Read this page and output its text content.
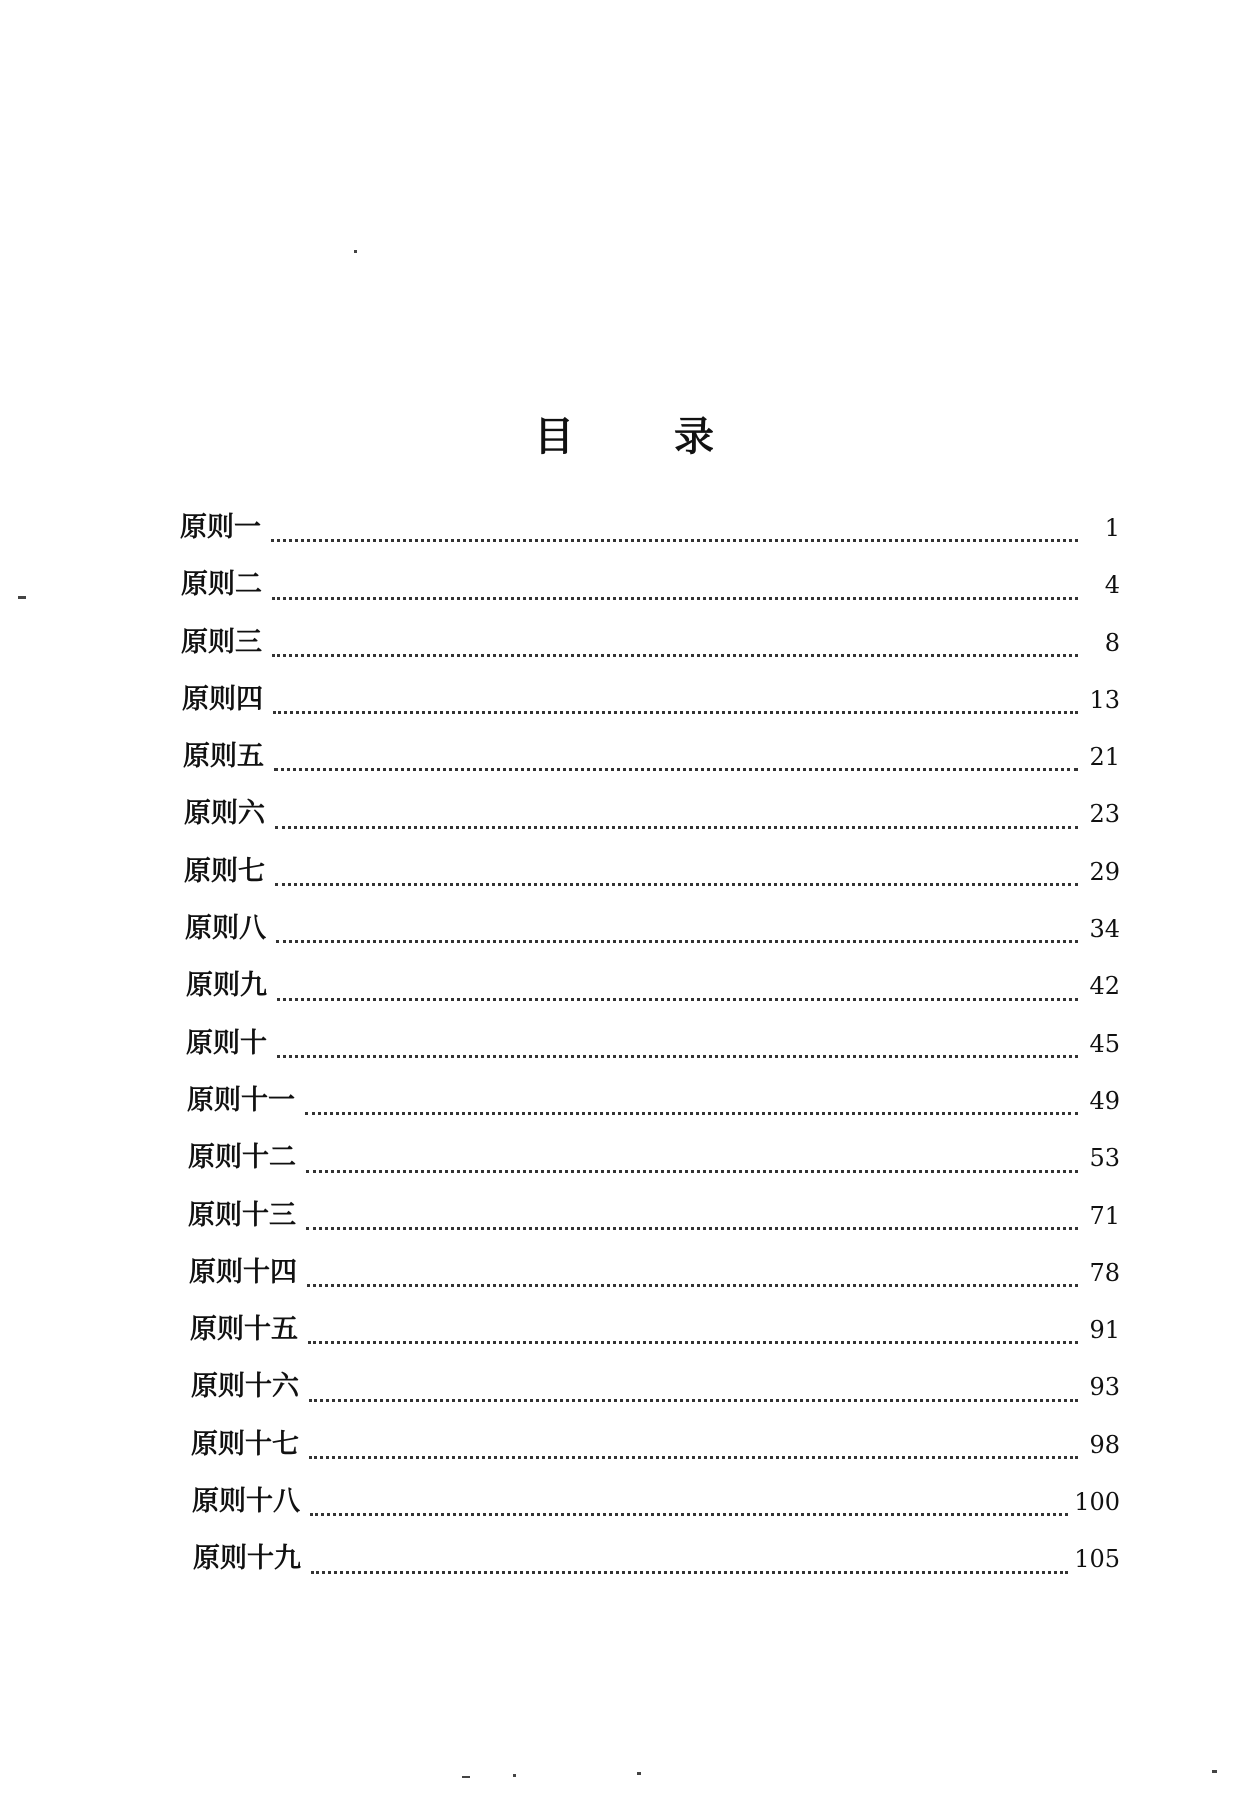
目	录
原则一	1
原则二	4
原则三	8
原则四	13
原则五	21
原则六	23
原则七	29
原则八	34
原则九	42
原则十	45
原则十一	49
原则十二	53
原则十三	71
原则十四	78
原则十五	91
原则十六	93
原则十七	98
原则十八	100
原则十九	105
